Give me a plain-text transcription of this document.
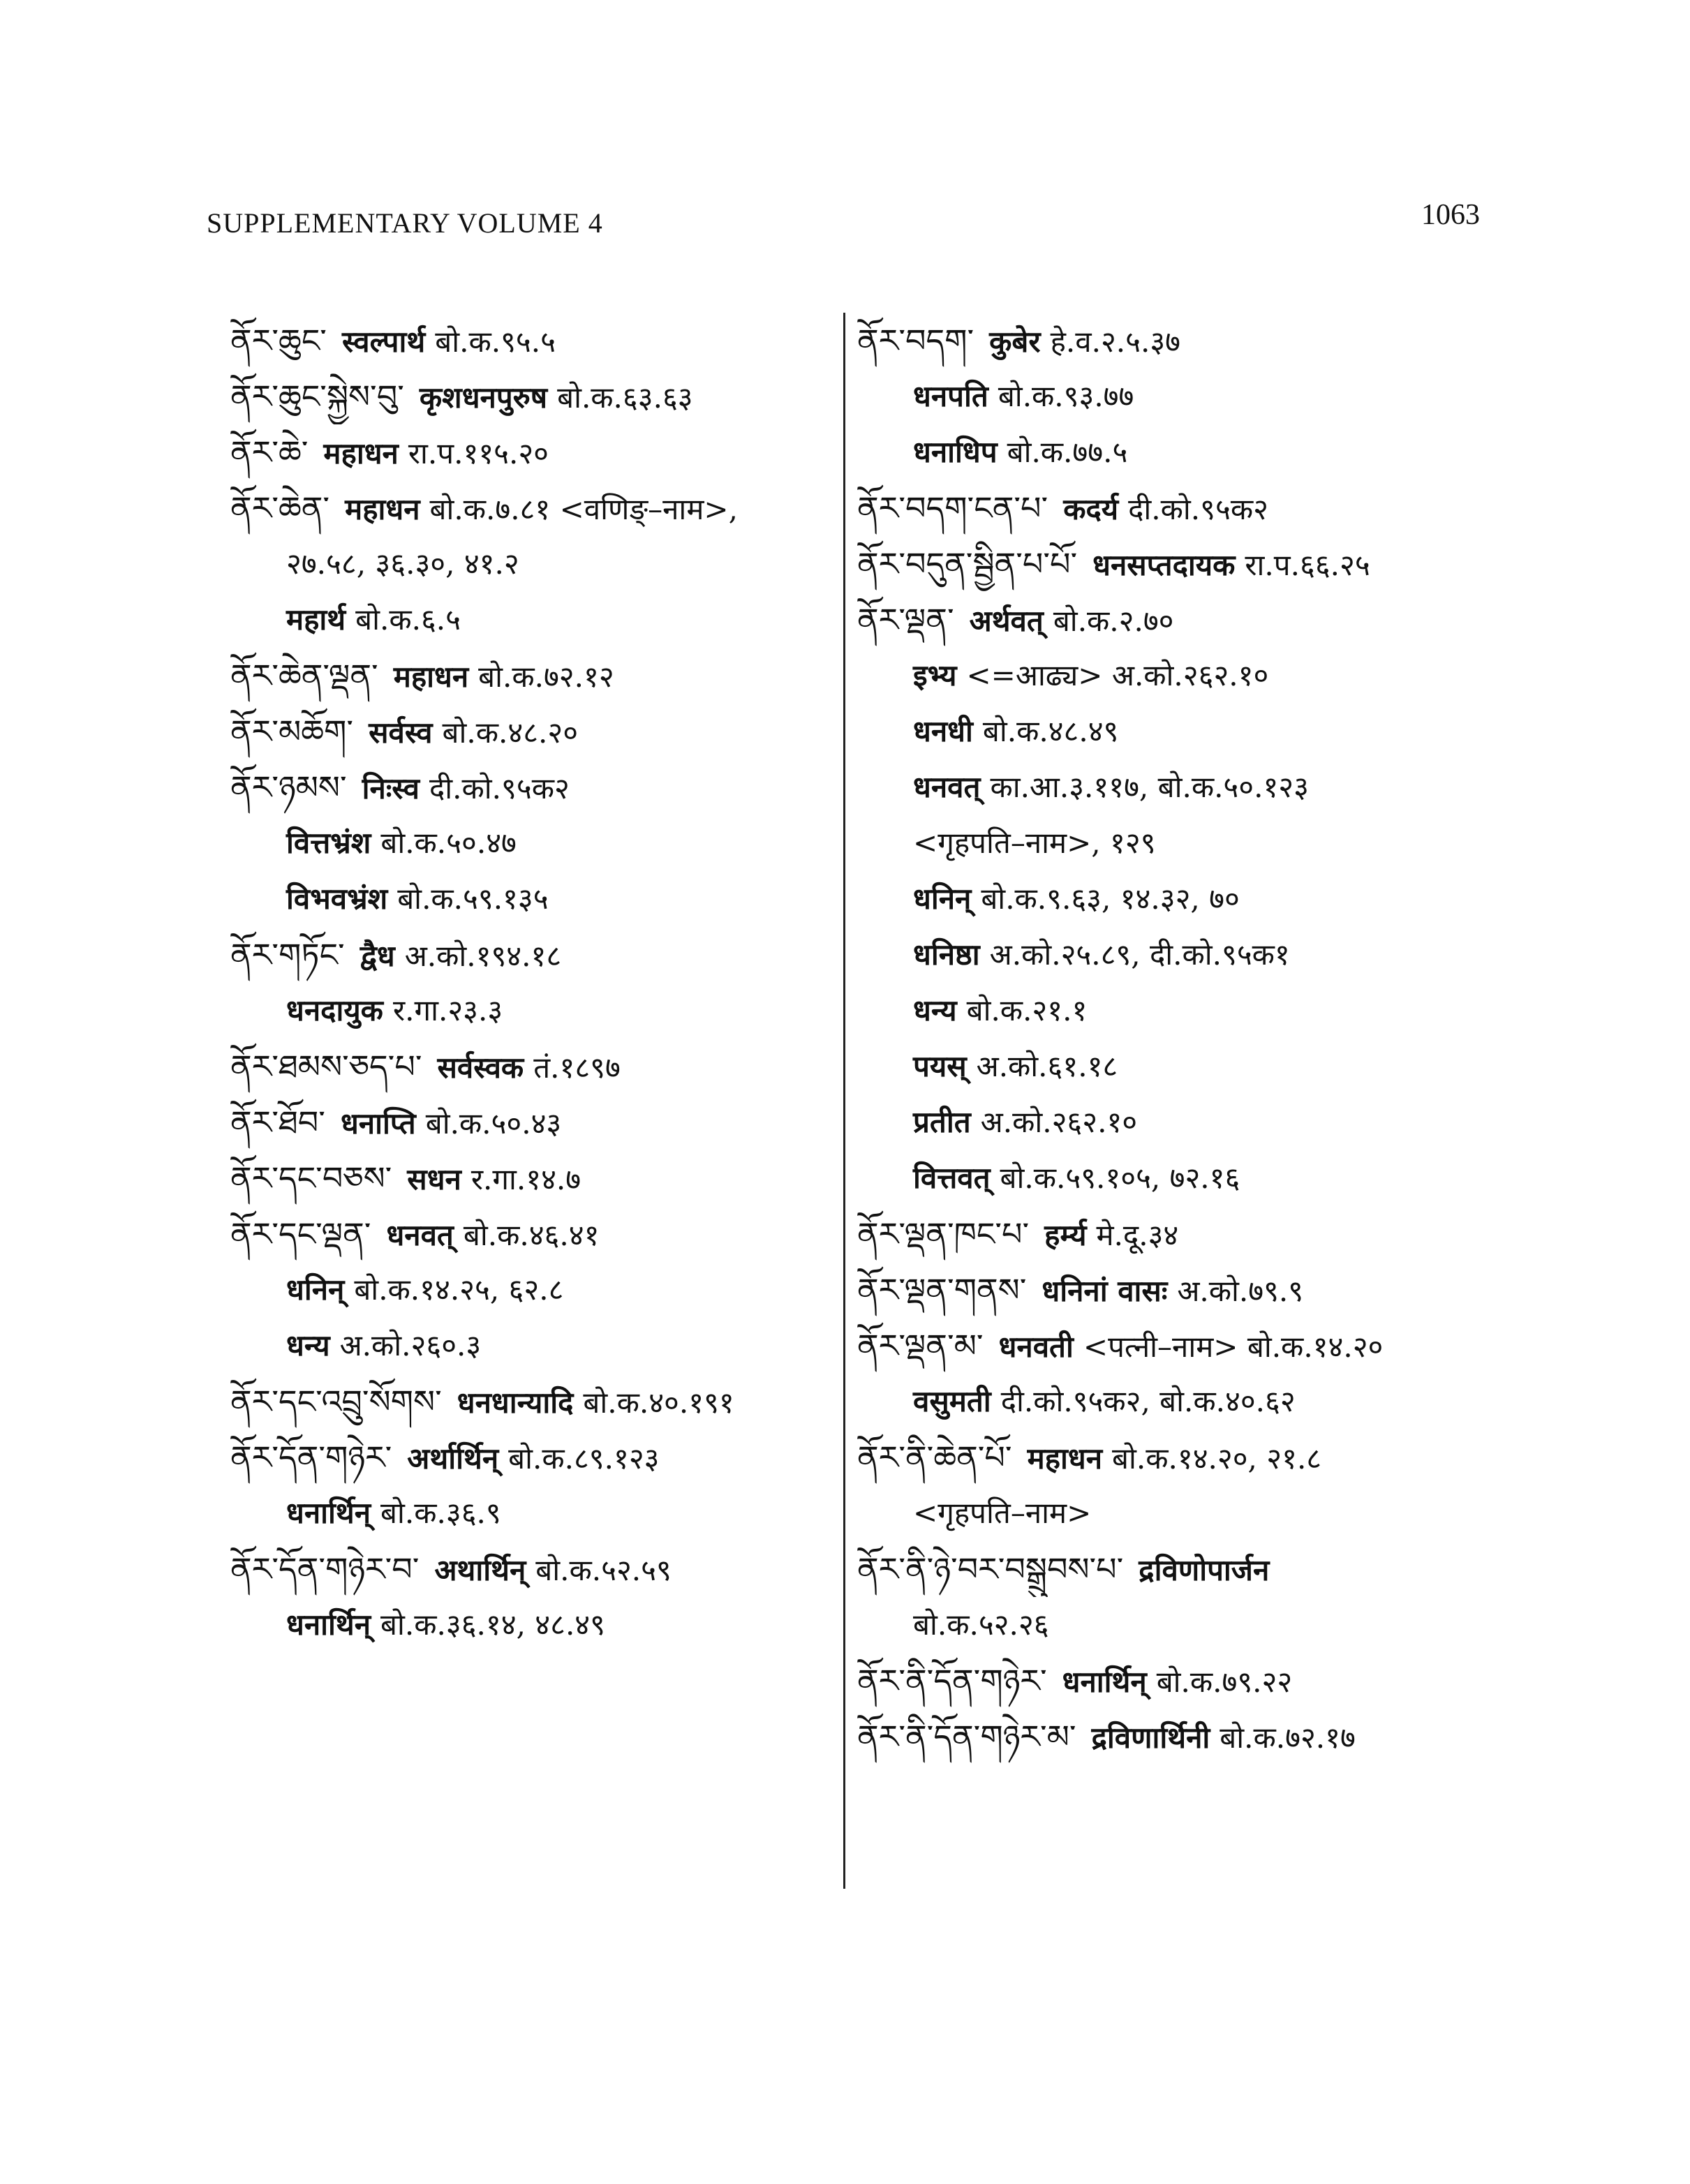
SUPPLEMENTARY VOLUME 4	1063
ནོར་ཆུང་ स्वल्पार्थ बो.क.९५.५
ནོར་ཆུང་སྐྱེས་བུ་ कृशधनपुरुष बो.क.६३.६३
ནོར་ཆེ་ महाधन रा.प.११५.२०
ནོར་ཆེན་ महाधन बो.क.७.८१ <वणिङ्–नाम>,
२७.५८, ३६.३०, ४१.२
महार्थ बो.क.६.५
ནོར་ཆེན་ལྡན་ महाधन बो.क.७२.१२
ནོར་མཆོག་ सर्वस्व बो.क.४८.२०
ནོར་ཉམས་ निःस्व दी.को.९५क२
वित्तभ्रंश बो.क.५०.४७
विभवभ्रंश बो.क.५९.१३५
ནོར་གཏོང་ द्वैध अ.को.१९४.१८
धनदायुक र.गा.२३.३
ནོར་ཐམས་ཅད་པ་ सर्वस्वक तं.१८९७
ནོར་ཐོབ་ धनाप्ति बो.क.५०.४३
ནོར་དང་བཅས་ सधन र.गा.१४.७
ནོར་དང་ལྡན་ धनवत् बो.क.४६.४१
धनिन् बो.क.१४.२५, ६२.८
धन्य अ.को.२६०.३
ནོར་དང་འབྲུ་སོགས་ धनधान्यादि बो.क.४०.१९१
ནོར་དོན་གཉེར་ अर्थार्थिन् बो.क.८९.१२३
धनार्थिन् बो.क.३६.९
ནོར་དོན་གཉེར་བ་ अथार्थिन् बो.क.५२.५९
धनार्थिन् बो.क.३६.१४, ४८.४९
ནོར་བདག་ कुबेर हे.व.२.५.३७
धनपति बो.क.९३.७७
धनाधिप बो.क.७७.५
ནོར་བདག་ངན་པ་ कदर्य दी.को.९५क२
ནོར་བདུན་སྦྱིན་པ་པོ་ धनसप्तदायक रा.प.६६.२५
ནོར་ལྡན་ अर्थवत् बो.क.२.७०
इभ्य <=आढ्य> अ.को.२६२.१०
धनधी बो.क.४८.४९
धनवत् का.आ.३.११७, बो.क.५०.१२३
<गृहपति–नाम>, १२९
धनिन् बो.क.९.६३, १४.३२, ७०
धनिष्ठा अ.को.२५.८९, दी.को.९५क१
धन्य बो.क.२१.१
पयस् अ.को.६१.१८
प्रतीत अ.को.२६२.१०
वित्तवत् बो.क.५९.१०५, ७२.१६
ནོར་ལྡན་ཁང་པ་ हर्म्य मे.दू.३४
ནོར་ལྡན་གནས་ धनिनां वासः अ.को.७९.९
ནོར་ལྡན་མ་ धनवती <पत्नी–नाम> बो.क.१४.२०
वसुमती दी.को.९५क२, बो.क.४०.६२
ནོར་ནི་ཆེན་པོ་ महाधन बो.क.१४.२०, २१.८
<गृहपति–नाम>
ནོར་ནི་ཉེ་བར་བསྒྲུབས་པ་ द्रविणोपार्जन
बो.क.५२.२६
ནོར་ནི་དོན་གཉེར་ धनार्थिन् बो.क.७९.२२
ནོར་ནི་དོན་གཉེར་མ་ द्रविणार्थिनी बो.क.७२.१७
